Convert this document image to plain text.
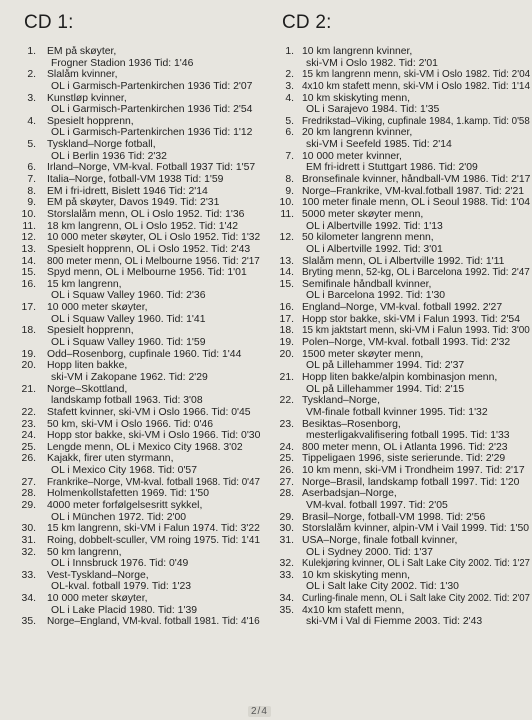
CD 1:
1. EM på skøyter,
Frogner Stadion 1936 Tid: 1'46
2. Slalåm kvinner,
OL i Garmisch-Partenkirchen 1936 Tid: 2'07
3. Kunstløp kvinner,
OL i Garmisch-Partenkirchen 1936 Tid: 2'54
4. Spesielt hopprenn,
OL i Garmisch-Partenkirchen 1936 Tid: 1'12
5. Tyskland–Norge fotball,
OL i Berlin 1936 Tid: 2'32
6. Irland–Norge, VM-kval. Fotball 1937 Tid: 1'57
7. Italia–Norge, fotball-VM 1938 Tid: 1'59
8. EM i fri-idrett, Bislett 1946 Tid: 2'14
9. EM på skøyter, Davos 1949. Tid: 2'31
10. Storslalåm menn, OL i Oslo 1952. Tid: 1'36
11. 18 km langrenn, OL i Oslo 1952. Tid: 1'42
12. 10 000 meter skøyter, OL i Oslo 1952. Tid: 1'32
13. Spesielt hopprenn, OL i Oslo 1952. Tid: 2'43
14. 800 meter menn, OL i Melbourne 1956. Tid: 2'17
15. Spyd menn, OL i Melbourne 1956. Tid: 1'01
16. 15 km langrenn,
OL i Squaw Valley 1960. Tid: 2'36
17. 10 000 meter skøyter,
OL i Squaw Valley 1960. Tid: 1'41
18. Spesielt hopprenn,
OL i Squaw Valley 1960. Tid: 1'59
19. Odd–Rosenborg, cupfinale 1960. Tid: 1'44
20. Hopp liten bakke,
ski-VM i Zakopane 1962. Tid: 2'29
21. Norge–Skottland,
landskamp fotball 1963. Tid: 3'08
22. Stafett kvinner, ski-VM i Oslo 1966. Tid: 0'45
23. 50 km, ski-VM i Oslo 1966. Tid: 0'46
24. Hopp stor bakke, ski-VM i Oslo 1966. Tid: 0'30
25. Lengde menn, OL i Mexico City 1968. 3'02
26. Kajakk, firer uten styrmann,
OL i Mexico City 1968. Tid: 0'57
27. Frankrike–Norge, VM-kval. fotball 1968. Tid: 0'47
28. Holmenkollstafetten 1969. Tid: 1'50
29. 4000 meter forfølgelsesritt sykkel,
OL i München 1972. Tid: 2'00
30. 15 km langrenn, ski-VM i Falun 1974. Tid: 3'22
31. Roing, dobbelt-sculler, VM roing 1975. Tid: 1'41
32. 50 km langrenn,
OL i Innsbruck 1976. Tid: 0'49
33. Vest-Tyskland–Norge,
OL-kval. fotball 1979. Tid: 1'23
34. 10 000 meter skøyter,
OL i Lake Placid 1980. Tid: 1'39
35. Norge–England, VM-kval. fotball 1981. Tid: 4'16
CD 2:
1. 10 km langrenn kvinner,
ski-VM i Oslo 1982. Tid: 2'01
2. 15 km langrenn menn, ski-VM i Oslo 1982. Tid: 2'04
3. 4x10 km stafett menn, ski-VM i Oslo 1982. Tid: 1'14
4. 10 km skiskyting menn,
OL i Sarajevo 1984. Tid: 1'35
5. Fredrikstad–Viking, cupfinale 1984, 1.kamp. Tid: 0'58
6. 20 km langrenn kvinner,
ski-VM i Seefeld 1985. Tid: 2'14
7. 10 000 meter kvinner,
EM fri-idrett i Stuttgart 1986. Tid: 2'09
8. Bronsefinale kvinner, håndball-VM 1986. Tid: 2'17
9. Norge–Frankrike, VM-kval.fotball 1987. Tid: 2'21
10. 100 meter finale menn, OL i Seoul 1988. Tid: 1'04
11. 5000 meter skøyter menn,
OL i Albertville 1992. Tid: 1'13
12. 50 kilometer langrenn menn,
OL i Albertville 1992. Tid: 3'01
13. Slalåm menn, OL i Albertville 1992. Tid: 1'11
14. Bryting menn, 52-kg, OL i Barcelona 1992. Tid: 2'47
15. Semifinale håndball kvinner,
OL i Barcelona 1992. Tid: 1'30
16. England–Norge, VM-kval. fotball 1992. 2'27
17. Hopp stor bakke, ski-VM i Falun 1993. Tid: 2'54
18. 15 km jaktstart menn, ski-VM i Falun 1993. Tid: 3'00
19. Polen–Norge, VM-kval. fotball 1993. Tid: 2'32
20. 1500 meter skøyter menn,
OL på Lillehammer 1994. Tid: 2'37
21. Hopp liten bakke/alpin kombinasjon menn,
OL på Lillehammer 1994. Tid: 2'15
22. Tyskland–Norge,
VM-finale fotball kvinner 1995. Tid: 1'32
23. Besiktas–Rosenborg,
mesterligakvalifisering fotball 1995. Tid: 1'33
24. 800 meter menn, OL i Atlanta 1996. Tid: 2'23
25. Tippeligaen 1996, siste serierunde. Tid: 2'29
26. 10 km menn, ski-VM i Trondheim 1997. Tid: 2'17
27. Norge–Brasil, landskamp fotball 1997. Tid: 1'20
28. Aserbadsjan–Norge,
VM-kval. fotball 1997. Tid: 2'05
29. Brasil–Norge, fotball-VM 1998. Tid: 2'56
30. Storslalåm kvinner, alpin-VM i Vail 1999. Tid: 1'50
31. USA–Norge, finale fotball kvinner,
OL i Sydney 2000. Tid: 1'37
32. Kulekjøring kvinner, OL i Salt Lake City 2002. Tid: 1'27
33. 10 km skiskyting menn,
OL i Salt lake City 2002. Tid: 1'30
34. Curling-finale menn, OL i Salt lake City 2002. Tid: 2'07
35. 4x10 km stafett menn,
ski-VM i Val di Fiemme 2003. Tid: 2'43
2/4
